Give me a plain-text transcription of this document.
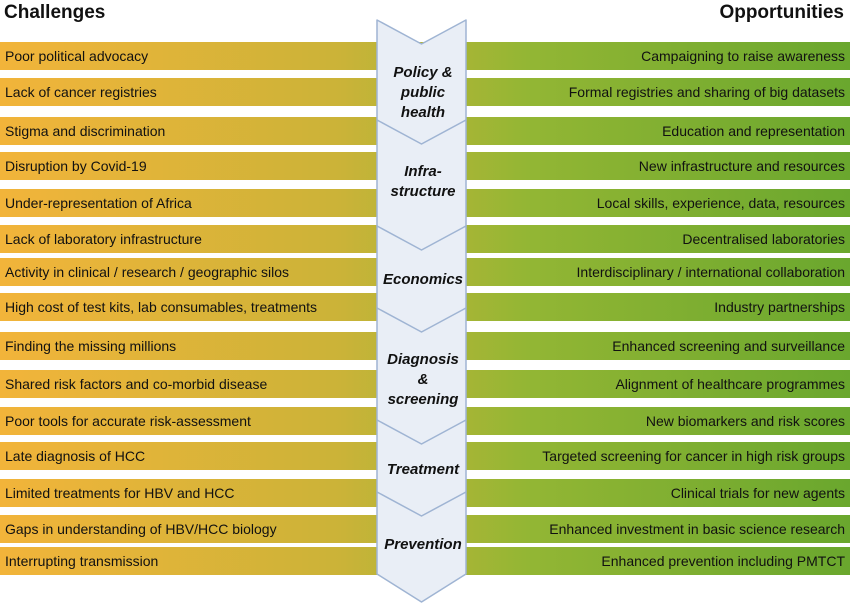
Challenges	Opportunities
Poor political advocacy	Campaigning to raise awareness
Lack of cancer registries	Formal registries and sharing of big datasets
Stigma and discrimination	Education and representation
Disruption by Covid-19	New infrastructure and resources
Under-representation of Africa	Local skills, experience, data, resources
Lack of laboratory infrastructure	Decentralised laboratories
Activity in clinical / research / geographic silos	Interdisciplinary / international collaboration
High cost of test kits, lab consumables, treatments	Industry partnerships
Finding the missing millions	Enhanced screening and surveillance
Shared risk factors and co-morbid disease	Alignment of healthcare programmes
Poor tools for accurate risk-assessment	New biomarkers and risk scores
Late diagnosis of HCC	Targeted screening for cancer in high risk groups
Limited treatments for HBV and HCC	Clinical trials for new agents
Gaps in understanding of HBV/HCC biology	Enhanced investment in basic science research
Interrupting transmission	Enhanced prevention including PMTCT
Policy &
public
health
Infra-
structure
Economics
Diagnosis
&
screening
Treatment
Prevention
